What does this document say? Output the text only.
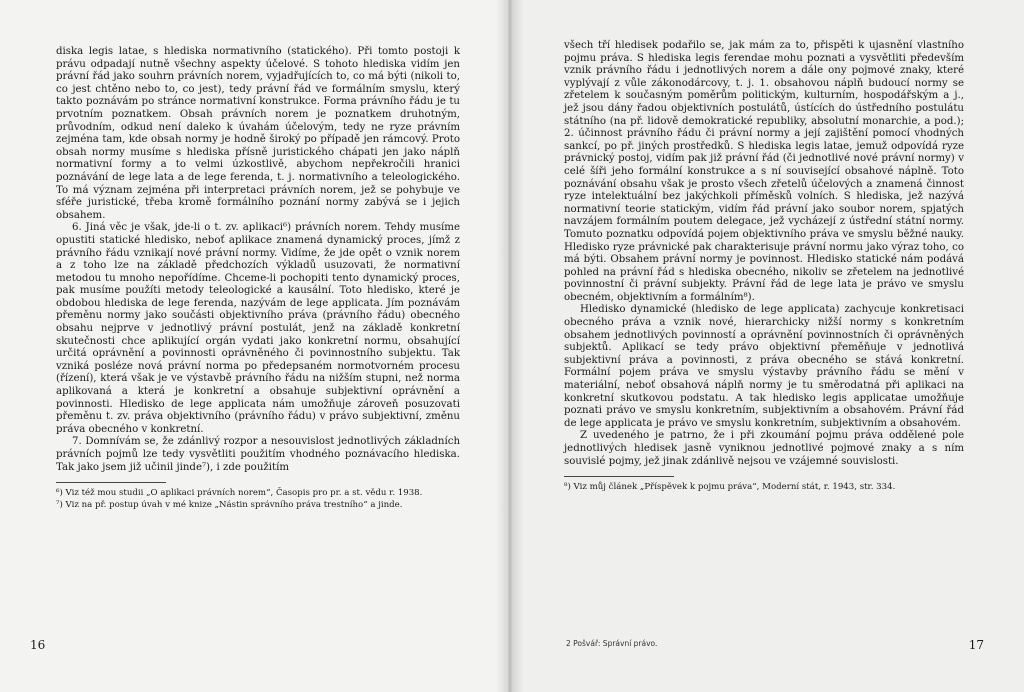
diska legis latae, s hlediska normativního (statického). Při tomto postoji k právu odpadají nutně všechny aspekty účelové. S tohoto hlediska vidím jen právní řád jako souhrn právních norem, vyjadřujících to, co má býti (nikoli to, co jest chtěno nebo to, co jest), tedy právní řád ve formálním smyslu, který takto poznávám po stránce normativní konstrukce. Forma právního řádu je tu prvotním poznatkem. Obsah právních norem je poznatkem druhotným, průvodním, odkud není daleko k úvahám účelovým, tedy ne ryze právním zejména tam, kde obsah normy je hodně široký po případě jen rámcový. Proto obsah normy musíme s hlediska přísně juristického chápati jen jako náplň normativní formy a to velmi úzkostlivě, abychom nepřekročili hranici poznávání de lege lata a de lege ferenda, t. j. normativního a teleologického. To má význam zejména při interpretaci právních norem, jež se pohybuje ve sféře juristické, třeba kromě formálního poznání normy zabývá se i jejich obsahem.

6. Jiná věc je však, jde-li o t. zv. aplikaci⁶) právních norem. Tehdy musíme opustiti statické hledisko, neboť aplikace znamená dynamický proces, jímž z právního řádu vznikají nové právní normy. Vidíme, že jde opět o vznik norem a z toho lze na základě předchozích výkladů usuzovati, že normativní metodou tu mnoho nepořídíme. Chceme-li pochopiti tento dynamický proces, pak musíme použíti metody teleologické a kausální. Toto hledisko, které je obdobou hlediska de lege ferenda, nazývám de lege applicata. Jím poznávám přeměnu normy jako součásti objektivního práva (právního řádu) obecného obsahu nejprve v jednotlivý právní postulát, jenž na základě konkretní skutečnosti chce aplikující orgán vydati jako konkretní normu, obsahující určitá oprávnění a povinnosti oprávněného či povinnostního subjektu. Tak vzniká posléze nová právní norma po předepsaném normotvorném procesu (řízení), která však je ve výstavbě právního řádu na nižším stupni, než norma aplikovaná a která je konkretní a obsahuje subjektivní oprávnění a povinnosti. Hledisko de lege applicata nám umožňuje zároveň posuzovati přeměnu t. zv. práva objektivního (právního řádu) v právo subjektivní, změnu práva obecného v konkretní.

7. Domnívám se, že zdánlivý rozpor a nesouvislost jednotlivých základních právních pojmů lze tedy vysvětliti použitím vhodného poznávacího hlediska. Tak jako jsem již učinil jinde⁷), i zde použitím

⁶) Viz též mou studii „O aplikaci právních norem“, Časopis pro pr. a st. vědu r. 1938.

⁷) Viz na př. postup úvah v mé knize „Nástin správního práva trestního“ a jinde.

16

všech tří hledisek podařilo se, jak mám za to, přispěti k ujasnění vlastního pojmu práva. S hlediska legis ferendae mohu poznati a vysvětliti především vznik právního řádu i jednotlivých norem a dále ony pojmové znaky, které vyplývají z vůle zákonodárcovy, t. j. 1. obsahovou náplň budoucí normy se zřetelem k současným poměrům politickým, kulturním, hospodářským a j., jež jsou dány řadou objektivních postulátů, ústících do ústředního postulátu státního (na př. lidově demokratické republiky, absolutní monarchie, a pod.); 2. účinnost právního řádu či právní normy a její zajištění pomocí vhodných sankcí, po př. jiných prostředků. S hlediska legis latae, jemuž odpovídá ryze právnický postoj, vidím pak již právní řád (či jednotlivé nové právní normy) v celé šíři jeho formální konstrukce a s ní související obsahové náplně. Toto poznávání obsahu však je prosto všech zřetelů účelových a znamená činnost ryze intelektuální bez jakýchkoli příměsků volních. S hlediska, jež nazývá normativní teorie statickým, vidím řád právní jako soubor norem, spjatých navzájem formálním poutem delegace, jež vycházejí z ústřední státní normy. Tomuto poznatku odpovídá pojem objektivního práva ve smyslu běžné nauky. Hledisko ryze právnické pak charakterisuje právní normu jako výraz toho, co má býti. Obsahem právní normy je povinnost. Hledisko statické nám podává pohled na právní řád s hlediska obecného, nikoliv se zřetelem na jednotlivé povinnostní či právní subjekty. Právní řád de lege lata je právo ve smyslu obecném, objektivním a formálním⁸).

Hledisko dynamické (hledisko de lege applicata) zachycuje konkretisaci obecného práva a vznik nové, hierarchicky nižší normy s konkretním obsahem jednotlivých povinností a oprávnění povinnostních či oprávněných subjektů. Aplikací se tedy právo objektivní přeměňuje v jednotlivá subjektivní práva a povinnosti, z práva obecného se stává konkretní. Formální pojem práva ve smyslu výstavby právního řádu se mění v materiální, neboť obsahová náplň normy je tu směrodatná při aplikaci na konkretní skutkovou podstatu. A tak hledisko legis applicatae umožňuje poznati právo ve smyslu konkretním, subjektivním a obsahovém. Právní řád de lege applicata je právo ve smyslu konkretním, subjektivním a obsahovém.

Z uvedeného je patrno, že i při zkoumání pojmu práva oddělené pole jednotlivých hledisek jasně vyniknou jednotlivé pojmové znaky a s ním souvislé pojmy, jež jinak zdánlivě nejsou ve vzájemné souvislosti.

⁸) Viz můj článek „Příspěvek k pojmu práva“, Moderní stát, r. 1943, str. 334.

2 Pošvář: Správní právo.	17
